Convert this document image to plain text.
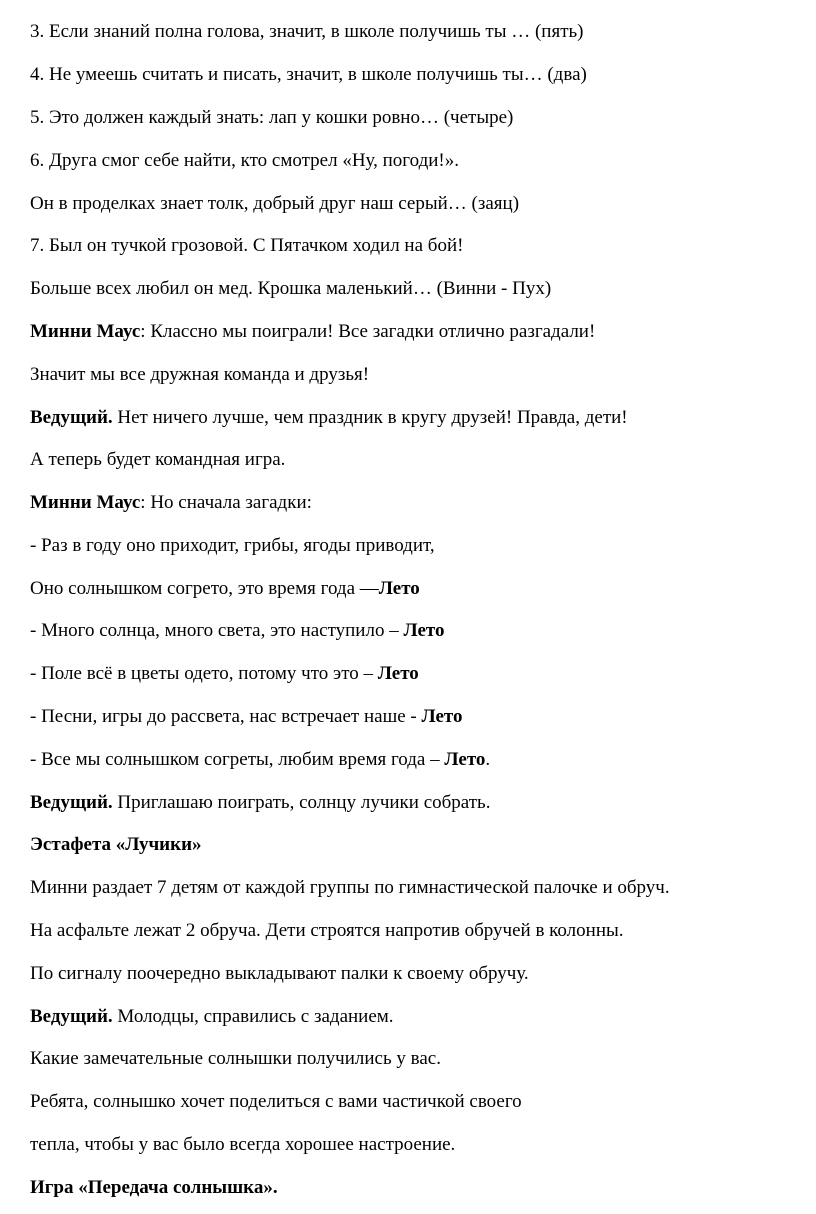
3. Если знаний полна голова, значит, в школе получишь ты … (пять)

4. Не умеешь считать и писать, значит, в школе получишь ты… (два)

5. Это должен каждый знать: лап у кошки ровно… (четыре)

6. Друга смог себе найти, кто смотрел «Ну, погоди!».

Он в проделках знает толк, добрый друг наш серый… (заяц)

7. Был он тучкой грозовой. С Пятачком ходил на бой!

Больше всех любил он мед. Крошка маленький… (Винни - Пух)

Минни Маус: Классно мы поиграли! Все загадки отлично разгадали!

Значит мы все дружная команда и друзья!

Ведущий. Нет ничего лучше, чем праздник в кругу друзей! Правда, дети!

А теперь будет командная игра.

Минни Маус: Но сначала загадки:

- Раз в году оно приходит, грибы, ягоды приводит,

Оно солнышком согрето, это время года —Лето

- Много солнца, много света, это наступило – Лето

- Поле всё в цветы одето, потому что это – Лето

- Песни, игры до рассвета, нас встречает наше - Лето

- Все мы солнышком согреты, любим время года – Лето.

Ведущий. Приглашаю поиграть, солнцу лучики собрать.

Эстафета «Лучики»

Минни раздает 7 детям от каждой группы по гимнастической палочке и обруч.

На асфальте лежат 2 обруча. Дети строятся напротив обручей в колонны.

По сигналу поочередно выкладывают палки к своему обручу.

Ведущий. Молодцы, справились с заданием.

Какие замечательные солнышки получились у вас.

Ребята, солнышко хочет поделиться с вами частичкой своего

тепла, чтобы у вас было всегда хорошее настроение.

Игра «Передача солнышка».
